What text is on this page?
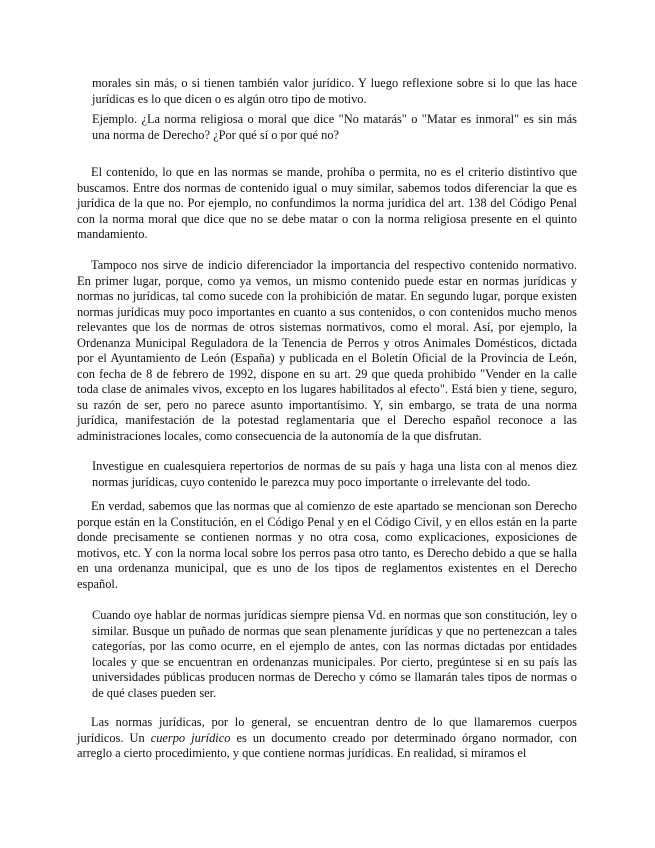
morales sin más, o si tienen también valor jurídico. Y luego reflexione sobre si lo que las hace jurídicas es lo que dicen o es algún otro tipo de motivo.

Ejemplo. ¿La norma religiosa o moral que dice "No matarás" o "Matar es inmoral" es sin más una norma de Derecho? ¿Por qué sí o por qué no?

El contenido, lo que en las normas se mande, prohíba o permita, no es el criterio distintivo que buscamos. Entre dos normas de contenido igual o muy similar, sabemos todos diferenciar la que es jurídica de la que no. Por ejemplo, no confundimos la norma jurídica del art. 138 del Código Penal con la norma moral que dice que no se debe matar o con la norma religiosa presente en el quinto mandamiento.

Tampoco nos sirve de indicio diferenciador la importancia del respectivo contenido normativo. En primer lugar, porque, como ya vemos, un mismo contenido puede estar en normas jurídicas y normas no jurídicas, tal como sucede con la prohibición de matar. En segundo lugar, porque existen normas jurídicas muy poco importantes en cuanto a sus contenidos, o con contenidos mucho menos relevantes que los de normas de otros sistemas normativos, como el moral. Así, por ejemplo, la Ordenanza Municipal Reguladora de la Tenencia de Perros y otros Animales Domésticos, dictada por el Ayuntamiento de León (España) y publicada en el Boletín Oficial de la Provincia de León, con fecha de 8 de febrero de 1992, dispone en su art. 29 que queda prohibido "Vender en la calle toda clase de animales vivos, excepto en los lugares habilitados al efecto". Está bien y tiene, seguro, su razón de ser, pero no parece asunto importantísimo. Y, sin embargo, se trata de una norma jurídica, manifestación de la potestad reglamentaria que el Derecho español reconoce a las administraciones locales, como consecuencia de la autonomía de la que disfrutan.

Investigue en cualesquiera repertorios de normas de su país y haga una lista con al menos diez normas jurídicas, cuyo contenido le parezca muy poco importante o irrelevante del todo.

En verdad, sabemos que las normas que al comienzo de este apartado se mencionan son Derecho porque están en la Constitución, en el Código Penal y en el Código Civil, y en ellos están en la parte donde precisamente se contienen normas y no otra cosa, como explicaciones, exposiciones de motivos, etc. Y con la norma local sobre los perros pasa otro tanto, es Derecho debido a que se halla en una ordenanza municipal, que es uno de los tipos de reglamentos existentes en el Derecho español.

Cuando oye hablar de normas jurídicas siempre piensa Vd. en normas que son constitución, ley o similar. Busque un puñado de normas que sean plenamente jurídicas y que no pertenezcan a tales categorías, por las como ocurre, en el ejemplo de antes, con las normas dictadas por entidades locales y que se encuentran en ordenanzas municipales. Por cierto, pregúntese si en su país las universidades públicas producen normas de Derecho y cómo se llamarán tales tipos de normas o de qué clases pueden ser.

Las normas jurídicas, por lo general, se encuentran dentro de lo que llamaremos cuerpos jurídicos. Un cuerpo jurídico es un documento creado por determinado órgano normador, con arreglo a cierto procedimiento, y que contiene normas jurídicas. En realidad, si miramos el
